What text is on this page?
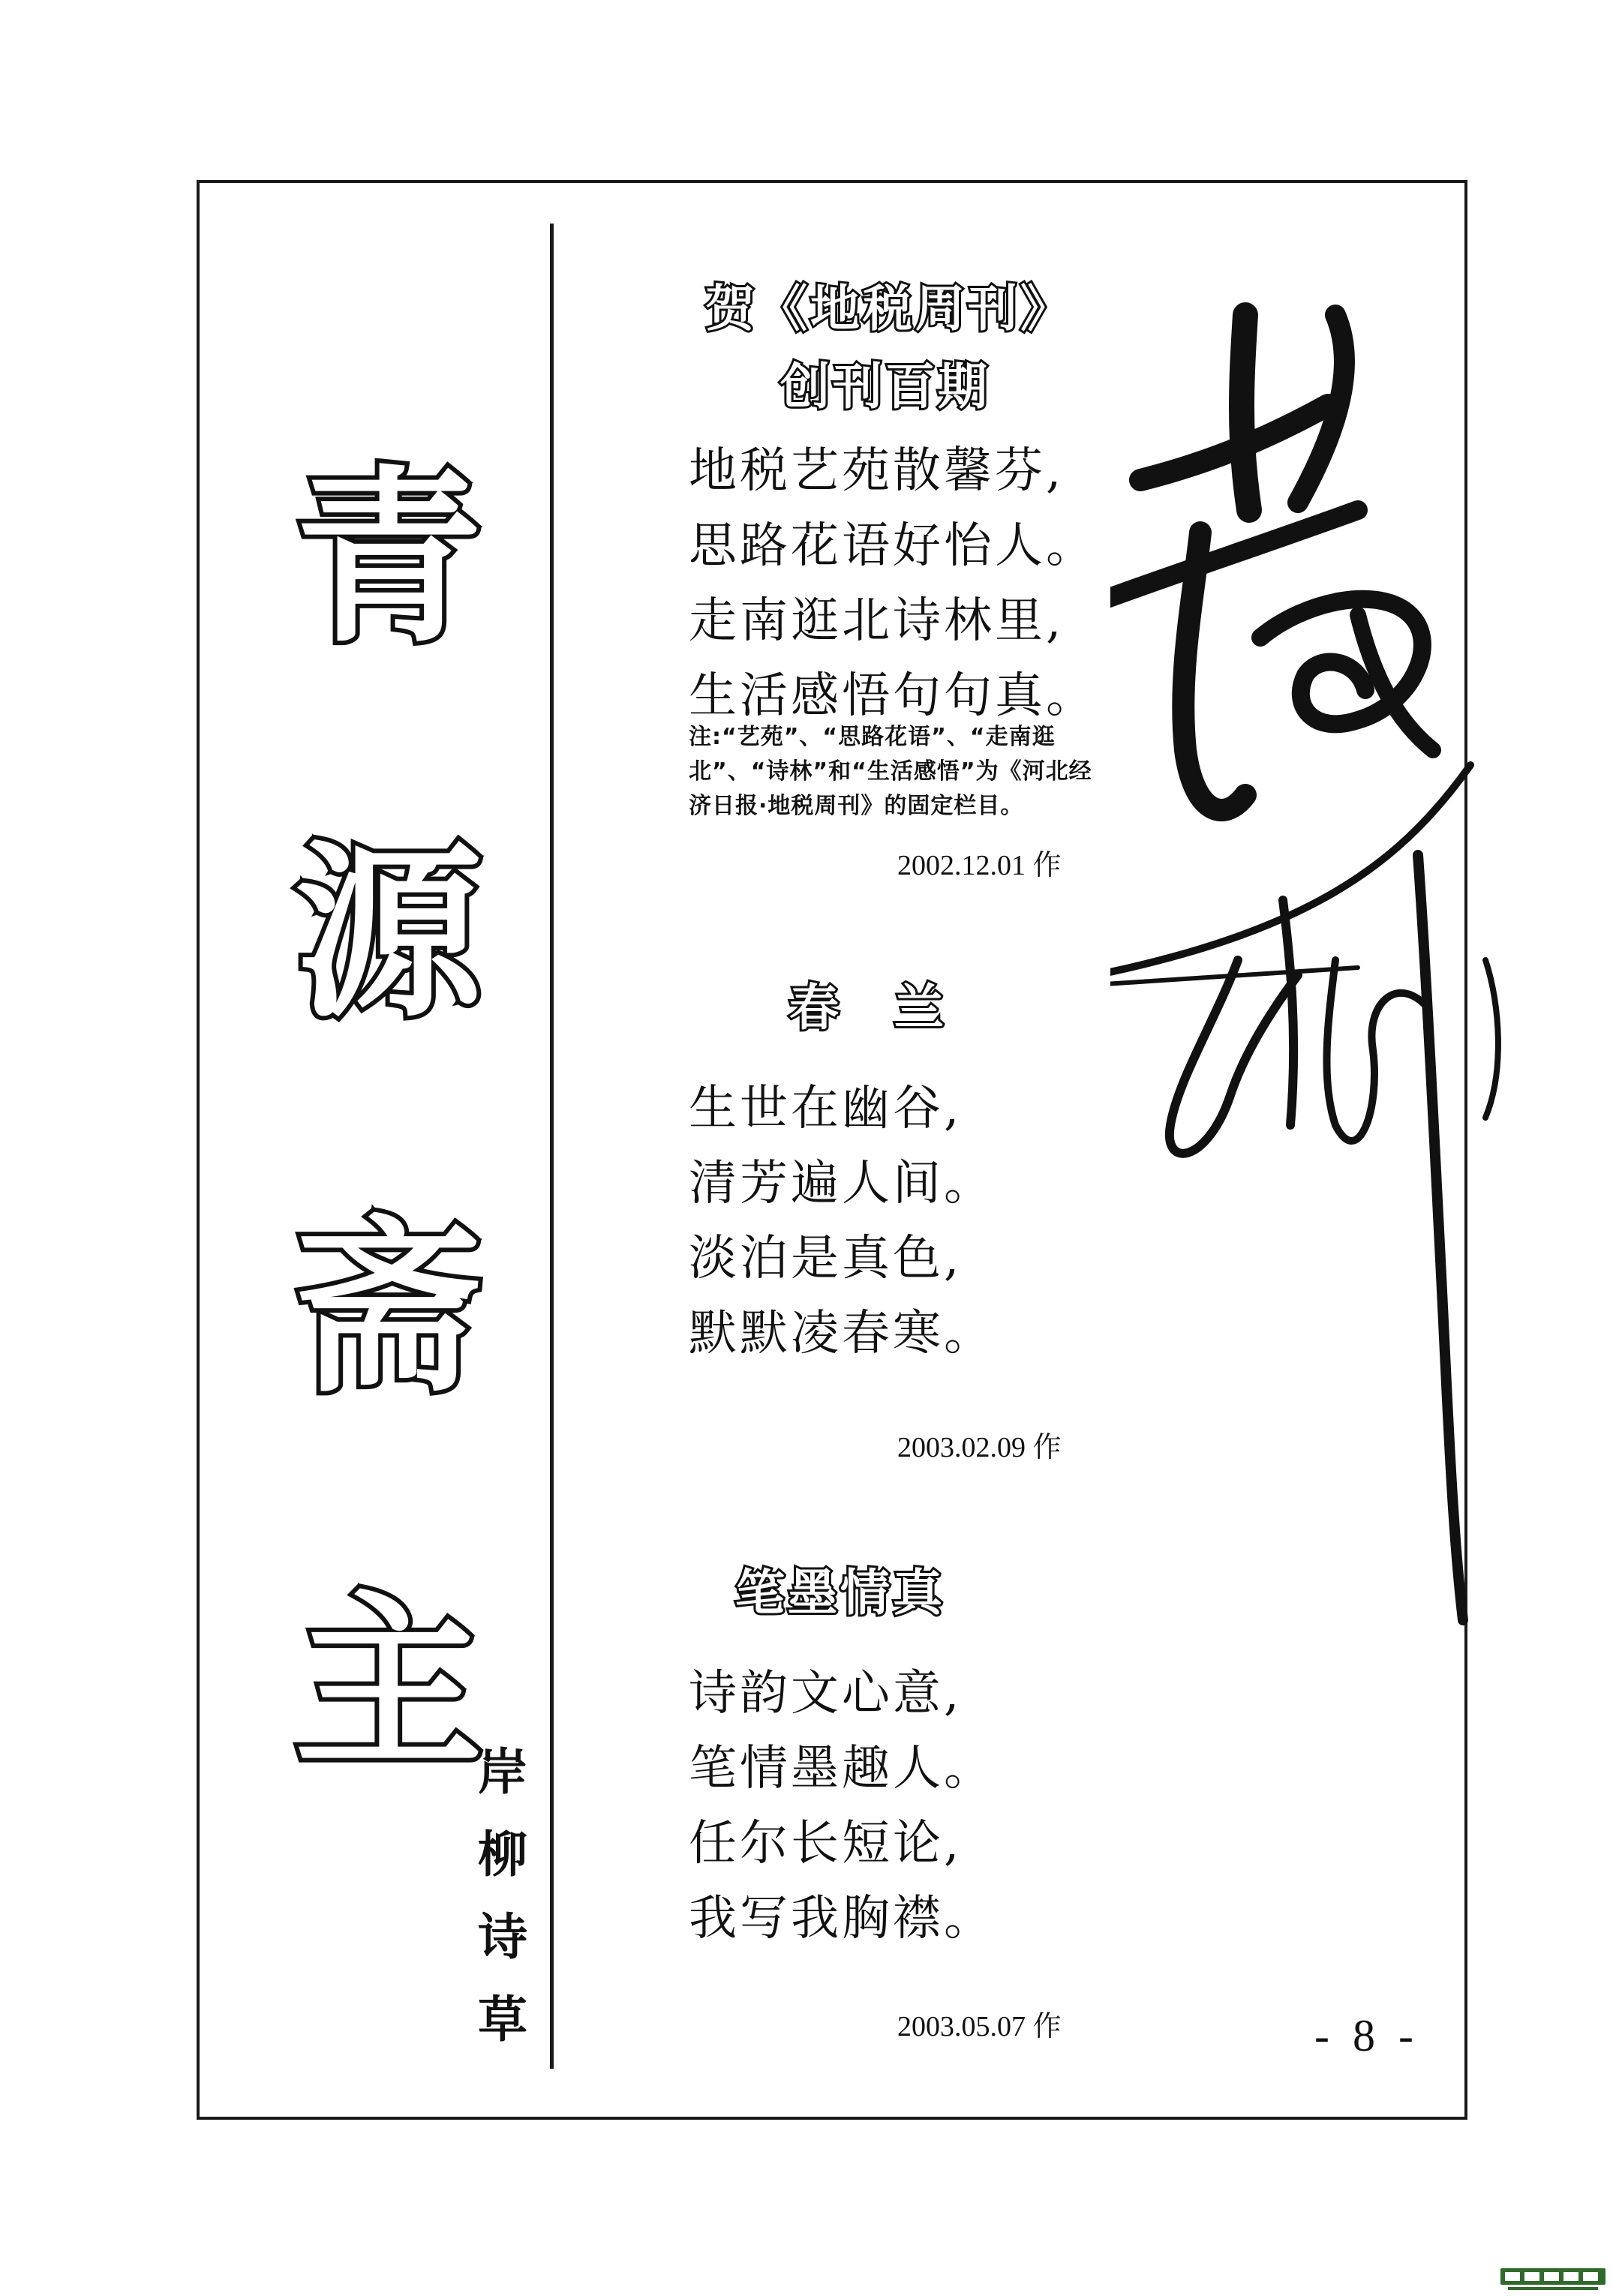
青
源
斋
主
岸
柳
诗
草
贺《地税周刊》
创刊百期
地税艺苑散馨芬,
思路花语好怡人。
走南逛北诗林里,
生活感悟句句真。
注:“艺苑”、“思路花语”、“走南逛北”、“诗林”和“生活感悟”为《河北经济日报·地税周刊》的固定栏目。
2002.12.01 作
春　兰
生世在幽谷,
清芳遍人间。
淡泊是真色,
默默凌春寒。
2003.02.09 作
笔墨情真
诗韵文心意,
笔情墨趣人。
任尔长短论,
我写我胸襟。
2003.05.07 作	- 8 -
